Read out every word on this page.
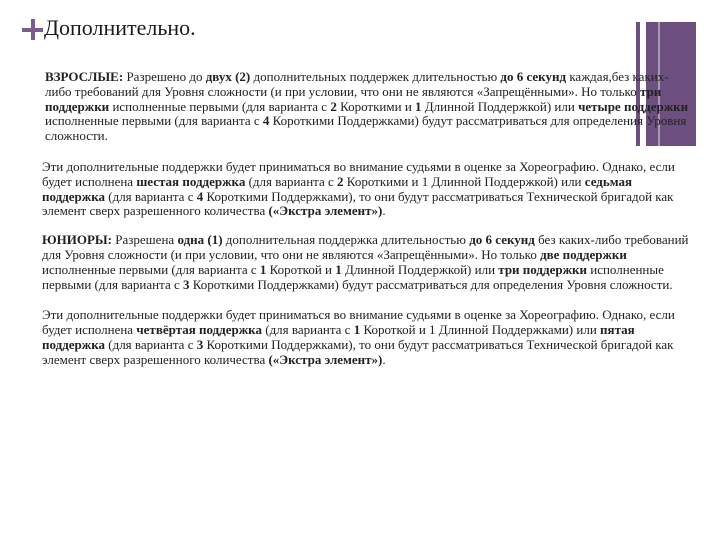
Дополнительно.

ВЗРОСЛЫЕ: Разрешено до двух (2) дополнительных поддержек длительностью до 6 секунд каждая,без каких-либо требований для Уровня сложности (и при условии, что они не являются «Запрещёнными». Но только три поддержки исполненные первыми (для варианта с 2 Короткими и 1 Длинной Поддержкой) или четыре поддержки исполненные первыми (для варианта с 4 Короткими Поддержками) будут рассматриваться для определения Уровня сложности.

Эти дополнительные поддержки будет приниматься во внимание судьями в оценке за Хореографию. Однако, если будет исполнена шестая поддержка (для варианта с 2 Короткими и 1 Длинной Поддержкой) или седьмая поддержка (для варианта с 4 Короткими Поддержками), то они будут рассматриваться Технической бригадой как элемент сверх разрешенного количества («Экстра элемент»).

ЮНИОРЫ: Разрешена одна (1) дополнительная поддержка длительностью до 6 секунд без каких-либо требований для Уровня сложности (и при условии, что они не являются «Запрещёнными». Но только две поддержки исполненные первыми (для варианта с 1 Короткой и 1 Длинной Поддержкой) или три поддержки исполненные первыми (для варианта с 3 Короткими Поддержками) будут рассматриваться для определения Уровня сложности.

Эти дополнительные поддержки будет приниматься во внимание судьями в оценке за Хореографию. Однако, если будет исполнена четвёртая поддержка (для варианта с 1 Короткой и 1 Длинной Поддержками) или пятая поддержка (для варианта с 3 Короткими Поддержками), то они будут рассматриваться Технической бригадой как элемент сверх разрешенного количества («Экстра элемент»).
